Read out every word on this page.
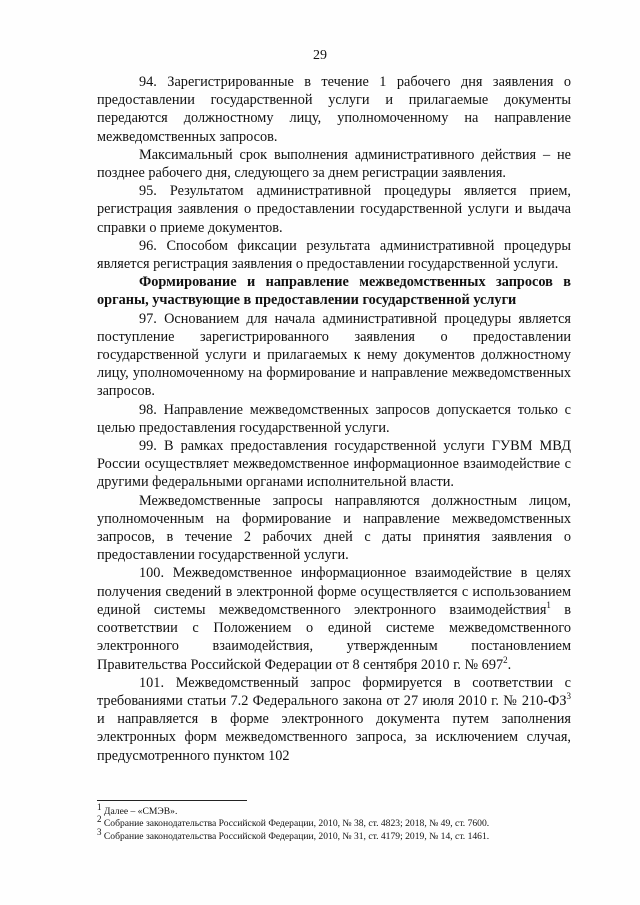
29

94. Зарегистрированные в течение 1 рабочего дня заявления о предоставлении государственной услуги и прилагаемые документы передаются должностному лицу, уполномоченному на направление межведомственных запросов.

Максимальный срок выполнения административного действия – не позднее рабочего дня, следующего за днем регистрации заявления.

95. Результатом административной процедуры является прием, регистрация заявления о предоставлении государственной услуги и выдача справки о приеме документов.

96. Способом фиксации результата административной процедуры является регистрация заявления о предоставлении государственной услуги.

Формирование и направление межведомственных запросов в органы, участвующие в предоставлении государственной услуги

97. Основанием для начала административной процедуры является поступление зарегистрированного заявления о предоставлении государственной услуги и прилагаемых к нему документов должностному лицу, уполномоченному на формирование и направление межведомственных запросов.

98. Направление межведомственных запросов допускается только с целью предоставления государственной услуги.

99. В рамках предоставления государственной услуги ГУВМ МВД России осуществляет межведомственное информационное взаимодействие с другими федеральными органами исполнительной власти.

Межведомственные запросы направляются должностным лицом, уполномоченным на формирование и направление межведомственных запросов, в течение 2 рабочих дней с даты принятия заявления о предоставлении государственной услуги.

100. Межведомственное информационное взаимодействие в целях получения сведений в электронной форме осуществляется с использованием единой системы межведомственного электронного взаимодействия$^1$ в соответствии с Положением о единой системе межведомственного электронного взаимодействия, утвержденным постановлением Правительства Российской Федерации от 8 сентября 2010 г. № $697^2$.

101. Межведомственный запрос формируется в соответствии с требованиями статьи 7.2 Федерального закона от 27 июля 2010 г. № $210-ФЗ^3$ и направляется в форме электронного документа путем заполнения электронных форм межведомственного запроса, за исключением случая, предусмотренного пунктом 102

$^1$ Далее – «СМЭВ».
$^2$ Собрание законодательства Российской Федерации, 2010, № 38, ст. 4823; 2018, № 49, ст. 7600.
$^3$ Собрание законодательства Российской Федерации, 2010, № 31, ст. 4179; 2019, № 14, ст. 1461.
